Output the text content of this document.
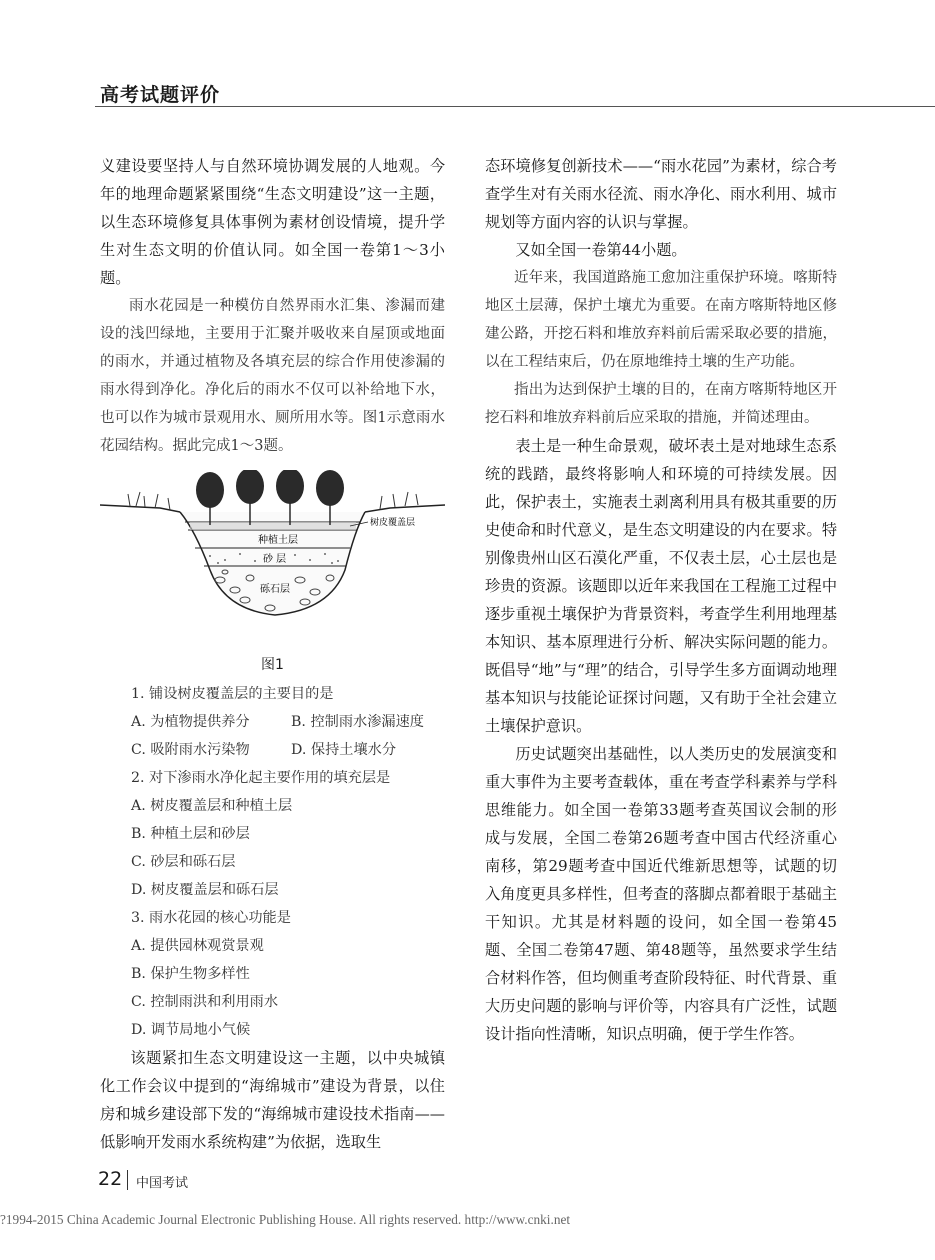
高考试题评价

义建设要坚持人与自然环境协调发展的人地观。今年的地理命题紧紧围绕“生态文明建设”这一主题，以生态环境修复具体事例为素材创设情境，提升学生对生态文明的价值认同。如全国一卷第1～3小题。

雨水花园是一种模仿自然界雨水汇集、渗漏而建设的浅凹绿地，主要用于汇聚并吸收来自屋顶或地面的雨水，并通过植物及各填充层的综合作用使渗漏的雨水得到净化。净化后的雨水不仅可以补给地下水，也可以作为城市景观用水、厕所用水等。图1示意雨水花园结构。据此完成1～3题。

树皮覆盖层
种植土层
砂 层
砾石层
图1

1. 铺设树皮覆盖层的主要目的是

A. 为植物提供养分	B. 控制雨水渗漏速度

C. 吸附雨水污染物	D. 保持土壤水分

2. 对下渗雨水净化起主要作用的填充层是

A. 树皮覆盖层和种植土层

B. 种植土层和砂层

C. 砂层和砾石层

D. 树皮覆盖层和砾石层

3. 雨水花园的核心功能是

A. 提供园林观赏景观

B. 保护生物多样性

C. 控制雨洪和利用雨水

D. 调节局地小气候

该题紧扣生态文明建设这一主题，以中央城镇化工作会议中提到的“海绵城市”建设为背景，以住房和城乡建设部下发的“海绵城市建设技术指南——低影响开发雨水系统构建”为依据，选取生

态环境修复创新技术——“雨水花园”为素材，综合考查学生对有关雨水径流、雨水净化、雨水利用、城市规划等方面内容的认识与掌握。

又如全国一卷第44小题。

近年来，我国道路施工愈加注重保护环境。喀斯特地区土层薄，保护土壤尤为重要。在南方喀斯特地区修建公路，开挖石料和堆放弃料前后需采取必要的措施，以在工程结束后，仍在原地维持土壤的生产功能。

指出为达到保护土壤的目的，在南方喀斯特地区开挖石料和堆放弃料前后应采取的措施，并简述理由。

表土是一种生命景观，破坏表土是对地球生态系统的践踏，最终将影响人和环境的可持续发展。因此，保护表土，实施表土剥离利用具有极其重要的历史使命和时代意义，是生态文明建设的内在要求。特别像贵州山区石漠化严重，不仅表土层，心土层也是珍贵的资源。该题即以近年来我国在工程施工过程中逐步重视土壤保护为背景资料，考查学生利用地理基本知识、基本原理进行分析、解决实际问题的能力。既倡导“地”与“理”的结合，引导学生多方面调动地理基本知识与技能论证探讨问题，又有助于全社会建立土壤保护意识。

历史试题突出基础性，以人类历史的发展演变和重大事件为主要考查载体，重在考查学科素养与学科思维能力。如全国一卷第33题考查英国议会制的形成与发展，全国二卷第26题考查中国古代经济重心南移，第29题考查中国近代维新思想等，试题的切入角度更具多样性，但考查的落脚点都着眼于基础主干知识。尤其是材料题的设问，如全国一卷第45题、全国二卷第47题、第48题等，虽然要求学生结合材料作答，但均侧重考查阶段特征、时代背景、重大历史问题的影响与评价等，内容具有广泛性，试题设计指向性清晰，知识点明确，便于学生作答。

22 中国考试
?1994-2015 China Academic Journal Electronic Publishing House. All rights reserved. http://www.cnki.net
